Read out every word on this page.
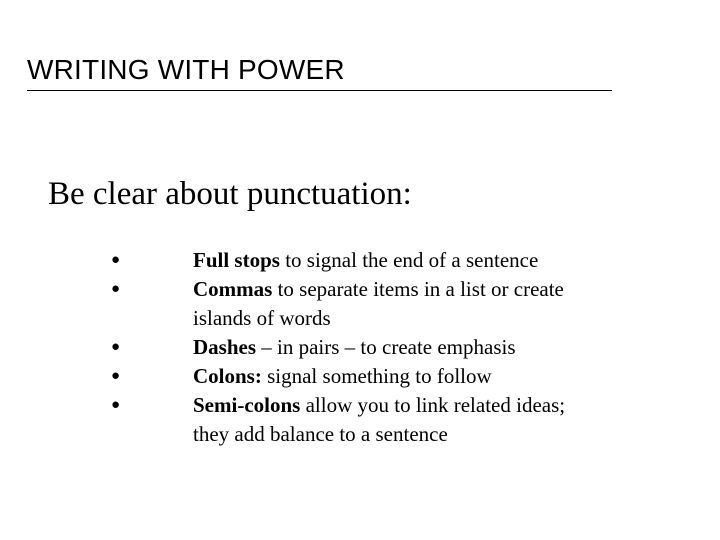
WRITING WITH POWER
Be clear about punctuation:
●	Full stops to signal the end of a sentence
●	Commas to separate items in a list or create
islands of words
●	Dashes – in pairs – to create emphasis
●	Colons: signal something to follow
●	Semi-colons allow you to link related ideas;
they add balance to a sentence
